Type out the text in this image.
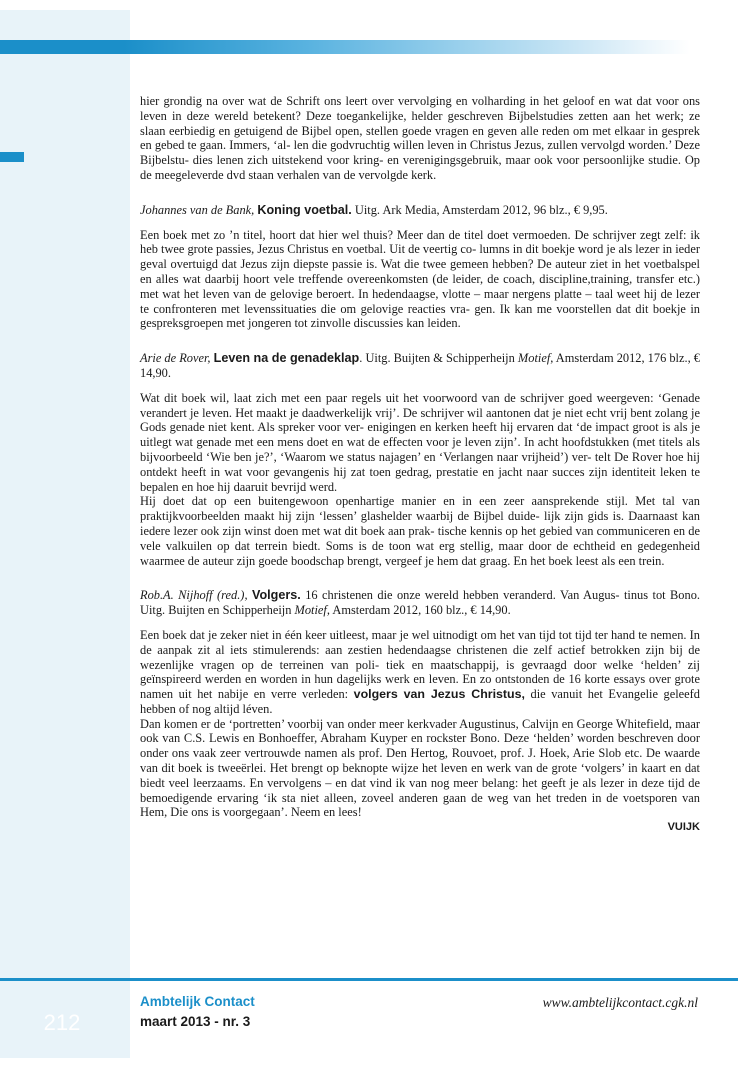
hier grondig na over wat de Schrift ons leert over vervolging en volharding in het geloof en wat dat voor ons leven in deze wereld betekent? Deze toegankelijke, helder geschreven Bijbelstudies zetten aan het werk; ze slaan eerbiedig en getuigend de Bijbel open, stellen goede vragen en geven alle reden om met elkaar in gesprek en gebed te gaan. Immers, ‘al- len die godvruchtig willen leven in Christus Jezus, zullen vervolgd worden.’ Deze Bijbelstu- dies lenen zich uitstekend voor kring- en verenigingsgebruik, maar ook voor persoonlijke studie. Op de meegeleverde dvd staan verhalen van de vervolgde kerk.

Johannes van de Bank, Koning voetbal. Uitg. Ark Media, Amsterdam 2012, 96 blz., € 9,95.

Een boek met zo ’n titel, hoort dat hier wel thuis? Meer dan de titel doet vermoeden. De schrijver zegt zelf: ik heb twee grote passies, Jezus Christus en voetbal. Uit de veertig co- lumns in dit boekje word je als lezer in ieder geval overtuigd dat Jezus zijn diepste passie is. Wat die twee gemeen hebben? De auteur ziet in het voetbalspel en alles wat daarbij hoort vele treffende overeenkomsten (de leider, de coach, discipline,training, transfer etc.) met wat het leven van de gelovige beroert. In hedendaagse, vlotte – maar nergens platte – taal weet hij de lezer te confronteren met levenssituaties die om gelovige reacties vra- gen. Ik kan me voorstellen dat dit boekje in gespreksgroepen met jongeren tot zinvolle discussies kan leiden.

Arie de Rover, Leven na de genadeklap. Uitg. Buijten & Schipperheijn Motief, Amsterdam 2012, 176 blz., € 14,90.

Wat dit boek wil, laat zich met een paar regels uit het voorwoord van de schrijver goed weergeven: ‘Genade verandert je leven. Het maakt je daadwerkelijk vrij’. De schrijver wil aantonen dat je niet echt vrij bent zolang je Gods genade niet kent. Als spreker voor ver- enigingen en kerken heeft hij ervaren dat ‘de impact groot is als je uitlegt wat genade met een mens doet en wat de effecten voor je leven zijn’. In acht hoofdstukken (met titels als bijvoorbeeld ‘Wie ben je?’, ‘Waarom we status najagen’ en ‘Verlangen naar vrijheid’) ver- telt De Rover hoe hij ontdekt heeft in wat voor gevangenis hij zat toen gedrag, prestatie en jacht naar succes zijn identiteit leken te bepalen en hoe hij daaruit bevrijd werd.

Hij doet dat op een buitengewoon openhartige manier en in een zeer aansprekende stijl. Met tal van praktijkvoorbeelden maakt hij zijn ‘lessen’ glashelder waarbij de Bijbel duide- lijk zijn gids is. Daarnaast kan iedere lezer ook zijn winst doen met wat dit boek aan prak- tische kennis op het gebied van communiceren en de vele valkuilen op dat terrein biedt. Soms is de toon wat erg stellig, maar door de echtheid en gedegenheid waarmee de auteur zijn goede boodschap brengt, vergeef je hem dat graag. En het boek leest als een trein.

Rob.A. Nijhoff (red.), Volgers. 16 christenen die onze wereld hebben veranderd. Van Augus- tinus tot Bono. Uitg. Buijten en Schipperheijn Motief, Amsterdam 2012, 160 blz., € 14,90.

Een boek dat je zeker niet in één keer uitleest, maar je wel uitnodigt om het van tijd tot tijd ter hand te nemen. In de aanpak zit al iets stimulerends: aan zestien hedendaagse christenen die zelf actief betrokken zijn bij de wezenlijke vragen op de terreinen van poli- tiek en maatschappij, is gevraagd door welke ‘helden’ zij geïnspireerd werden en worden in hun dagelijks werk en leven. En zo ontstonden de 16 korte essays over grote namen uit het nabije en verre verleden: volgers van Jezus Christus, die vanuit het Evangelie geleefd hebben of nog altijd léven.

Dan komen er de ‘portretten’ voorbij van onder meer kerkvader Augustinus, Calvijn en George Whitefield, maar ook van C.S. Lewis en Bonhoeffer, Abraham Kuyper en rockster Bono. Deze ‘helden’ worden beschreven door onder ons vaak zeer vertrouwde namen als prof. Den Hertog, Rouvoet, prof. J. Hoek, Arie Slob etc. De waarde van dit boek is tweeërlei. Het brengt op beknopte wijze het leven en werk van de grote ‘volgers’ in kaart en dat biedt veel leerzaams. En vervolgens – en dat vind ik van nog meer belang: het geeft je als lezer in deze tijd de bemoedigende ervaring ‘ik sta niet alleen, zoveel anderen gaan de weg van het treden in de voetsporen van Hem, Die ons is voorgegaan’. Neem en lees!

VUIJK

212
Ambtelijk Contact
maart 2013 - nr. 3
www.ambtelijkcontact.cgk.nl
